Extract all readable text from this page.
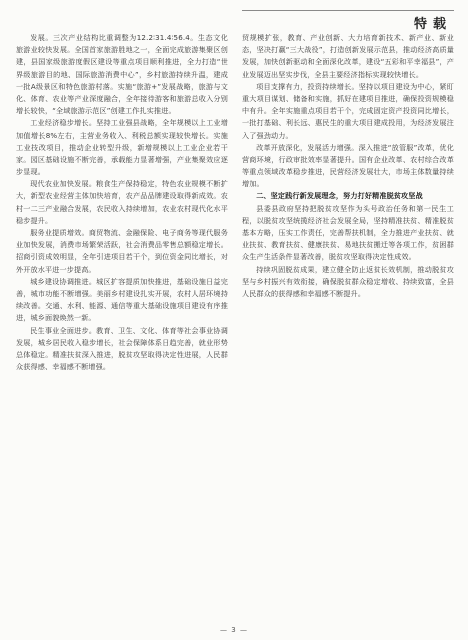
特载

发展。三次产业结构比重调整为12.2∶31.4∶56.4。生态文化旅游业较快发展。全国首家旅游胜地之一，全面完成旅游集聚区创建，县国家级旅游度假区建设等重点项目顺利推进，全力打造“世界级旅游目的地、国际旅游消费中心”，乡村旅游持续升温，建成一批A级景区和特色旅游村落。实施“旅游+”发展战略，旅游与文化、体育、农业等产业深度融合，全年接待游客和旅游总收入分别增长较快，“全域旅游示范区”创建工作扎实推进。

工业经济稳步增长。坚持工业强县战略，全年规模以上工业增加值增长8%左右，主营业务收入、利税总额实现较快增长。实施工业技改项目，推动企业转型升级，新增规模以上工业企业若干家。园区基础设施不断完善，承载能力显著增强，产业集聚效应逐步显现。

现代农业加快发展。粮食生产保持稳定，特色农业规模不断扩大，新型农业经营主体加快培育，农产品品牌建设取得新成效。农村一二三产业融合发展，农民收入持续增加，农业农村现代化水平稳步提升。

服务业提质增效。商贸物流、金融保险、电子商务等现代服务业加快发展，消费市场繁荣活跃，社会消费品零售总额稳定增长。招商引资成效明显，全年引进项目若干个，到位资金同比增长，对外开放水平进一步提高。

城乡建设协调推进。城区扩容提质加快推进，基础设施日益完善，城市功能不断增强。美丽乡村建设扎实开展，农村人居环境持续改善。交通、水利、能源、通信等重大基础设施项目建设有序推进，城乡面貌焕然一新。

民生事业全面进步。教育、卫生、文化、体育等社会事业协调发展，城乡居民收入稳步增长，社会保障体系日趋完善，就业形势总体稳定。精准扶贫深入推进，脱贫攻坚取得决定性进展，人民群众获得感、幸福感不断增强。

贸规模扩张，教育、产业创新、大力培育新技术、新产业、新业态，坚决打赢“三大战役”，打造创新发展示范县，推动经济高质量发展，加快创新驱动和全面深化改革，建设“五彩和平幸福县”，产业发展迈出坚实步伐，全县主要经济指标实现较快增长。

项目支撑有力，投资持续增长。坚持以项目建设为中心，紧盯重大项目谋划、储备和实施，抓好在建项目推进，确保投资规模稳中有升。全年实施重点项目若干个，完成固定资产投资同比增长，一批打基础、利长远、惠民生的重大项目建成投用，为经济发展注入了强劲动力。

改革开放深化，发展活力增强。深入推进“放管服”改革，优化营商环境，行政审批效率显著提升。国有企业改革、农村综合改革等重点领域改革稳步推进，民营经济发展壮大，市场主体数量持续增加。

二、坚定践行新发展理念，努力打好精准脱贫攻坚战

县委县政府坚持把脱贫攻坚作为头号政治任务和第一民生工程，以脱贫攻坚统揽经济社会发展全局，坚持精准扶贫、精准脱贫基本方略，压实工作责任，完善帮扶机制，全力推进产业扶贫、就业扶贫、教育扶贫、健康扶贫、易地扶贫搬迁等各项工作，贫困群众生产生活条件显著改善，脱贫攻坚取得决定性成效。

持续巩固脱贫成果，建立健全防止返贫长效机制，推动脱贫攻坚与乡村振兴有效衔接，确保脱贫群众稳定增收、持续致富，全县人民群众的获得感和幸福感不断提升。

— 3 —
